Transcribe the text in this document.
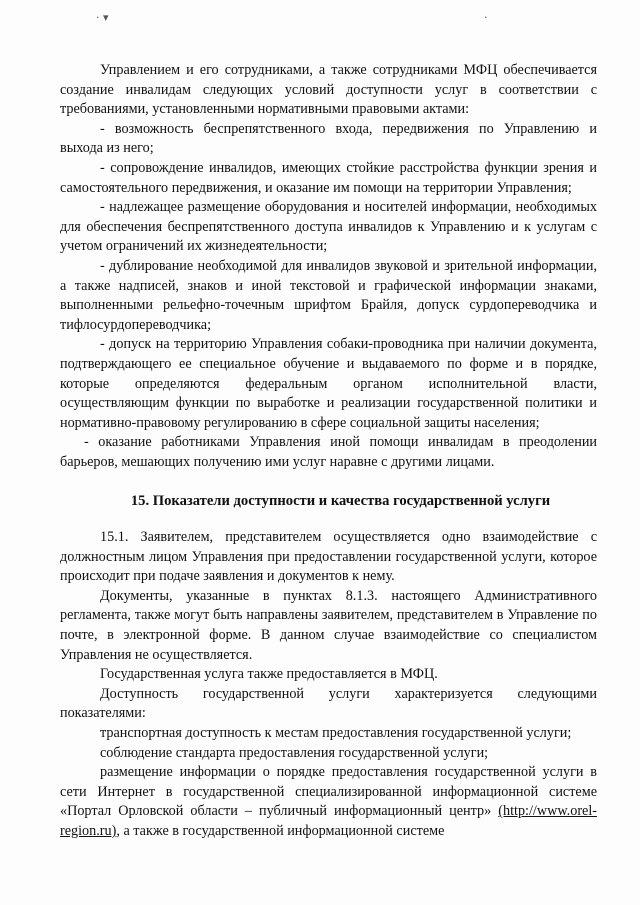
· ▾	·

Управлением и его сотрудниками, а также сотрудниками МФЦ обеспечивается создание инвалидам следующих условий доступности услуг в соответствии с требованиями, установленными нормативными правовыми актами:

- возможность беспрепятственного входа, передвижения по Управлению и выхода из него;

- сопровождение инвалидов, имеющих стойкие расстройства функции зрения и самостоятельного передвижения, и оказание им помощи на территории Управления;

- надлежащее размещение оборудования и носителей информации, необходимых для обеспечения беспрепятственного доступа инвалидов к Управлению и к услугам с учетом ограничений их жизнедеятельности;

- дублирование необходимой для инвалидов звуковой и зрительной информации, а также надписей, знаков и иной текстовой и графической информации знаками, выполненными рельефно-точечным шрифтом Брайля, допуск сурдопереводчика и тифлосурдопереводчика;

- допуск на территорию Управления собаки-проводника при наличии документа, подтверждающего ее специальное обучение и выдаваемого по форме и в порядке, которые определяются федеральным органом исполнительной власти, осуществляющим функции по выработке и реализации государственной политики и нормативно-правовому регулированию в сфере социальной защиты населения;

- оказание работниками Управления иной помощи инвалидам в преодолении барьеров, мешающих получению ими услуг наравне с другими лицами.

15. Показатели доступности и качества государственной услуги

15.1. Заявителем, представителем осуществляется одно взаимодействие с должностным лицом Управления при предоставлении государственной услуги, которое происходит при подаче заявления и документов к нему.

Документы, указанные в пунктах 8.1.3. настоящего Административного регламента, также могут быть направлены заявителем, представителем в Управление по почте, в электронной форме. В данном случае взаимодействие со специалистом Управления не осуществляется.

Государственная услуга также предоставляется в МФЦ.

Доступность государственной услуги характеризуется следующими показателями:

транспортная доступность к местам предоставления государственной услуги;

соблюдение стандарта предоставления государственной услуги;

размещение информации о порядке предоставления государственной услуги в сети Интернет в государственной специализированной информационной системе «Портал Орловской области – публичный информационный центр» (http://www.orel-region.ru), а также в государственной информационной системе
